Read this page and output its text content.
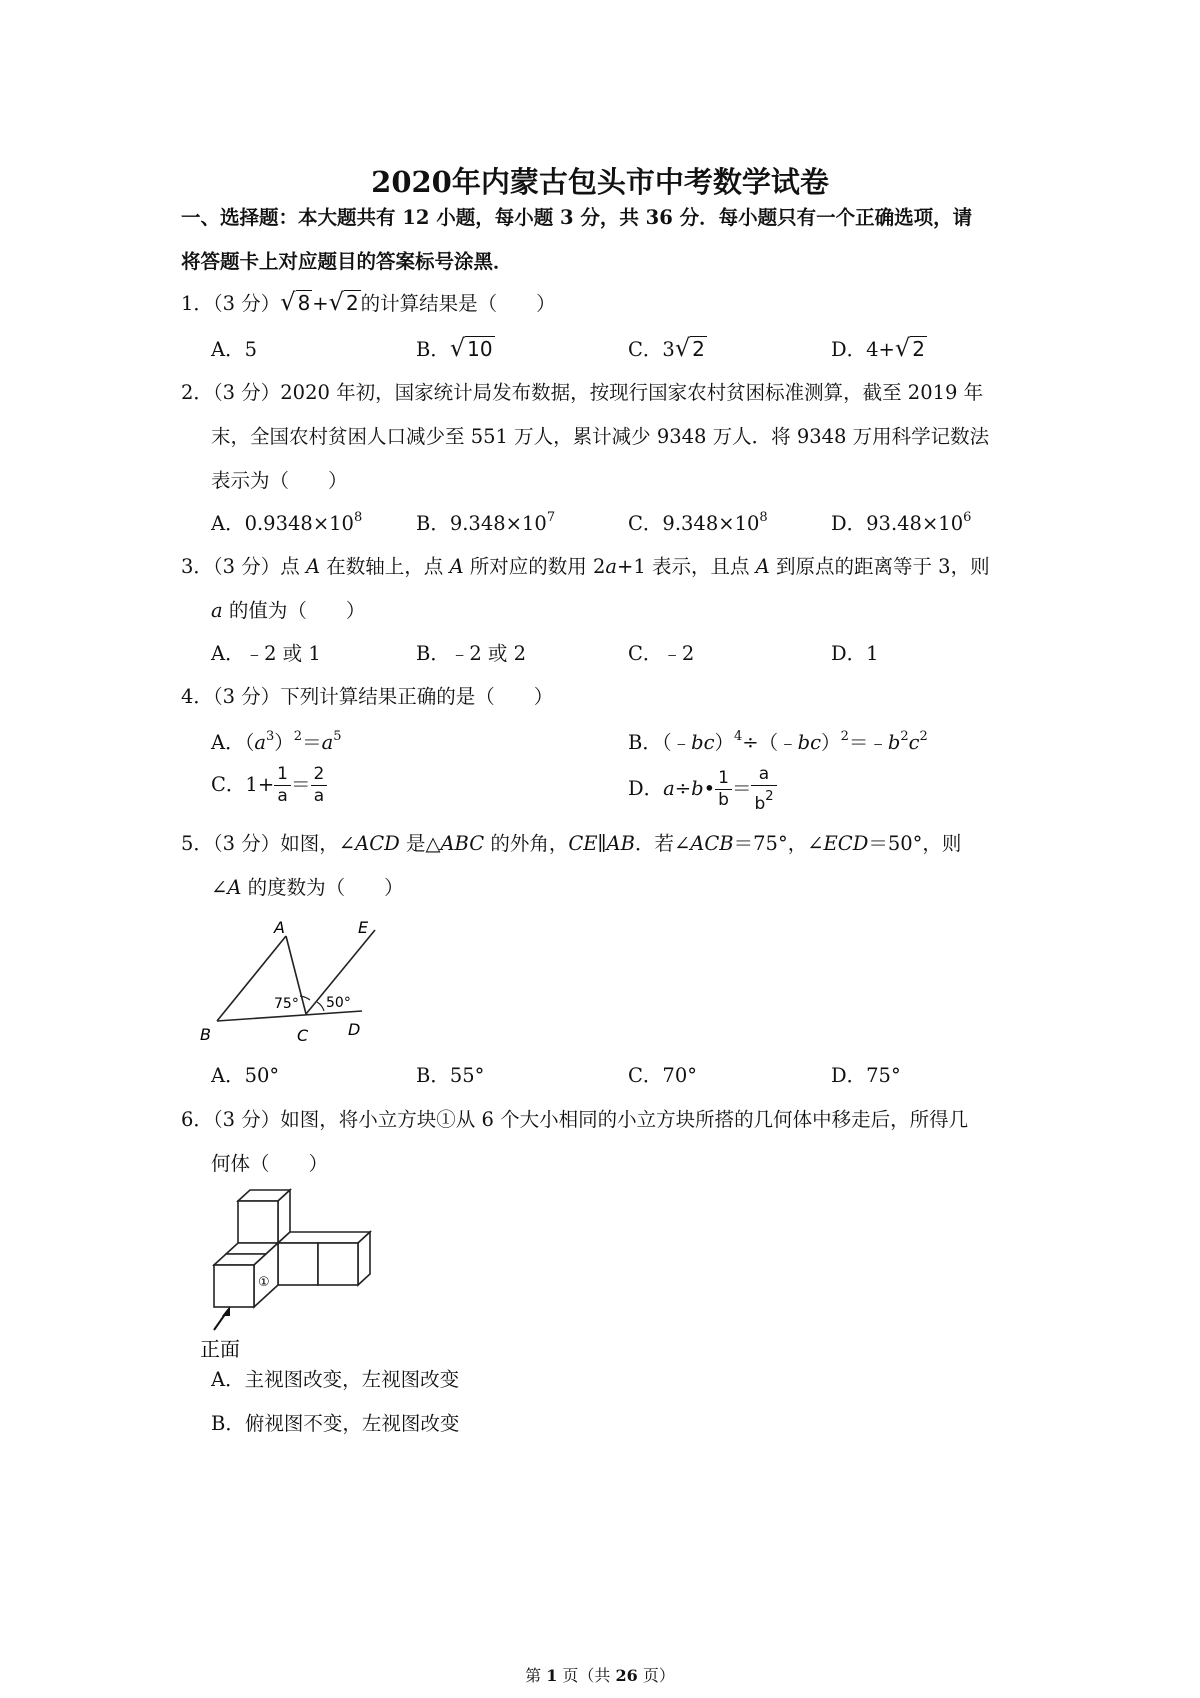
2020年内蒙古包头市中考数学试卷
一、选择题：本大题共有 12 小题，每小题 3 分，共 36 分．每小题只有一个正确选项，请
将答题卡上对应题目的答案标号涂黑．
1．（3 分）√ 8 +√ 2 的计算结果是（　　）
A．5	B．√ 10	C．3√ 2	D．4+√ 2
2．（3 分）2020 年初，国家统计局发布数据，按现行国家农村贫困标准测算，截至 2019 年
末，全国农村贫困人口减少至 551 万人，累计减少 9348 万人．将 9348 万用科学记数法
表示为（　　）
A．$0.9348\times 10^8$	B．$9.348\times 10^7$	C．$9.348\times 10^8$	D．$93.48\times 10^6$
3．（3 分）点 A 在数轴上，点 A 所对应的数用 2a+1 表示，且点 A 到原点的距离等于 3，则
a 的值为（　　）
A．﹣2 或 1	B．﹣2 或 2	C．﹣2	D．1
4．（3 分）下列计算结果正确的是（　　）
A．$(a^3)^2=a^5$	B．$(﹣bc)^4\div(﹣bc)^2=﹣b^2c^2$
C．$1+ \frac{1}{a} = \frac{2}{a}$	D．a÷b• $\frac{1}{b} = \frac{a}{b^2}$
5．（3 分）如图，∠ACD 是△ABC 的外角，CE∥AB．若∠ACB＝75°，∠ECD＝50°，则
∠A 的度数为（　　）
A	E
B	C D
75° 50°
A．50°	B．55°	C．70°	D．75°
6．（3 分）如图，将小立方块①从 6 个大小相同的小立方块所搭的几何体中移走后，所得几
何体（　　）
①
正面
A．主视图改变，左视图改变
B．俯视图不变，左视图改变
第 1 页（共 26 页）
